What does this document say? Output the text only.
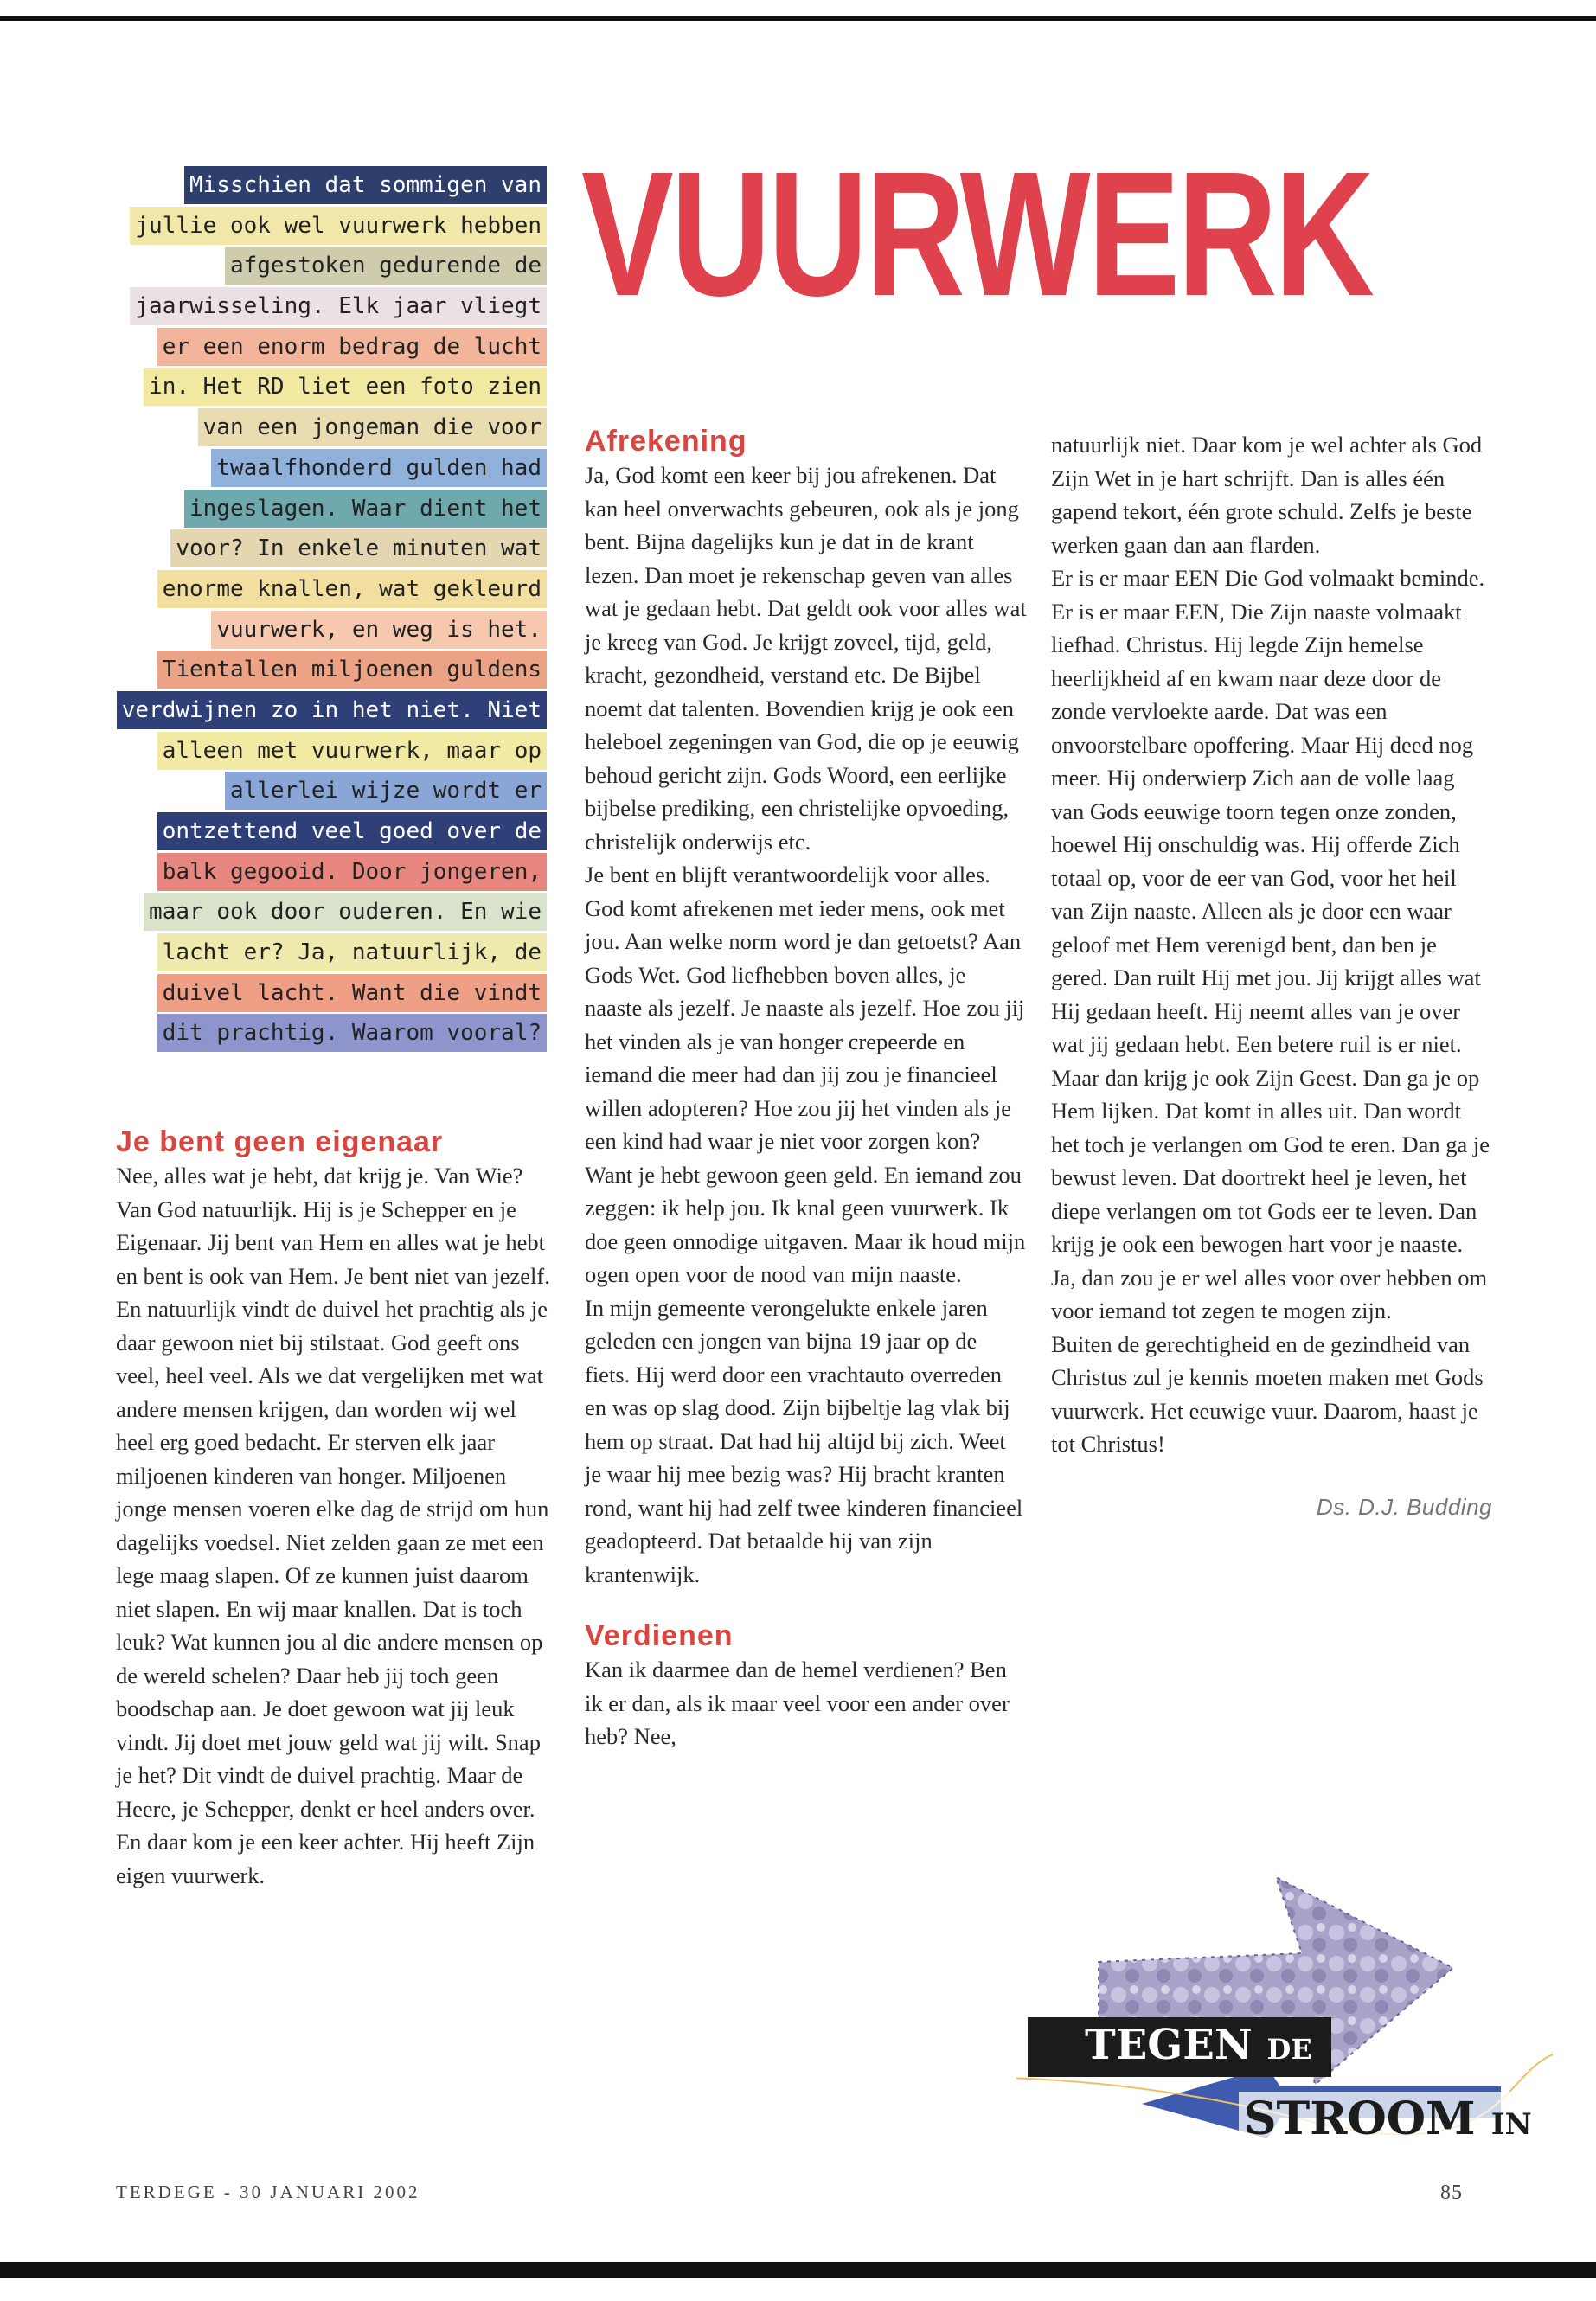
Misschien dat sommigen van
jullie ook wel vuurwerk hebben
afgestoken gedurende de
jaarwisseling. Elk jaar vliegt
er een enorm bedrag de lucht
in. Het RD liet een foto zien
van een jongeman die voor
twaalfhonderd gulden had
ingeslagen. Waar dient het
voor? In enkele minuten wat
enorme knallen, wat gekleurd
vuurwerk, en weg is het.
Tientallen miljoenen guldens
verdwijnen zo in het niet. Niet
alleen met vuurwerk, maar op
allerlei wijze wordt er
ontzettend veel goed over de
balk gegooid. Door jongeren,
maar ook door ouderen. En wie
lacht er? Ja, natuurlijk, de
duivel lacht. Want die vindt
dit prachtig. Waarom vooral?
VUURWERK
Je bent geen eigenaar

Nee, alles wat je hebt, dat krijg je. Van Wie? Van God natuurlijk. Hij is je Schepper en je Eigenaar. Jij bent van Hem en alles wat je hebt en bent is ook van Hem. Je bent niet van jezelf. En natuurlijk vindt de duivel het prachtig als je daar gewoon niet bij stilstaat. God geeft ons veel, heel veel. Als we dat vergelijken met wat andere mensen krijgen, dan worden wij wel heel erg goed bedacht. Er sterven elk jaar miljoenen kinderen van honger. Miljoenen jonge mensen voeren elke dag de strijd om hun dagelijks voedsel. Niet zelden gaan ze met een lege maag slapen. Of ze kunnen juist daarom niet slapen. En wij maar knallen. Dat is toch leuk? Wat kunnen jou al die andere mensen op de wereld schelen? Daar heb jij toch geen boodschap aan. Je doet gewoon wat jij leuk vindt. Jij doet met jouw geld wat jij wilt. Snap je het? Dit vindt de duivel prachtig. Maar de Heere, je Schepper, denkt er heel anders over. En daar kom je een keer achter. Hij heeft Zijn eigen vuurwerk.

Afrekening

Ja, God komt een keer bij jou afrekenen. Dat kan heel onverwachts gebeuren, ook als je jong bent. Bijna dagelijks kun je dat in de krant lezen. Dan moet je rekenschap geven van alles wat je gedaan hebt. Dat geldt ook voor alles wat je kreeg van God. Je krijgt zoveel, tijd, geld, kracht, gezondheid, verstand etc. De Bijbel noemt dat talenten. Bovendien krijg je ook een heleboel zegeningen van God, die op je eeuwig behoud gericht zijn. Gods Woord, een eerlijke bijbelse prediking, een christelijke opvoeding, christelijk onderwijs etc.

Je bent en blijft verantwoordelijk voor alles. God komt afrekenen met ieder mens, ook met jou. Aan welke norm word je dan getoetst? Aan Gods Wet. God liefhebben boven alles, je naaste als jezelf. Je naaste als jezelf. Hoe zou jij het vinden als je van honger crepeerde en iemand die meer had dan jij zou je financieel willen adopteren? Hoe zou jij het vinden als je een kind had waar je niet voor zorgen kon? Want je hebt gewoon geen geld. En iemand zou zeggen: ik help jou. Ik knal geen vuurwerk. Ik doe geen onnodige uitgaven. Maar ik houd mijn ogen open voor de nood van mijn naaste.

In mijn gemeente verongelukte enkele jaren geleden een jongen van bijna 19 jaar op de fiets. Hij werd door een vrachtauto overreden en was op slag dood. Zijn bijbeltje lag vlak bij hem op straat. Dat had hij altijd bij zich. Weet je waar hij mee bezig was? Hij bracht kranten rond, want hij had zelf twee kinderen financieel geadopteerd. Dat betaalde hij van zijn krantenwijk.

Verdienen

Kan ik daarmee dan de hemel verdienen? Ben ik er dan, als ik maar veel voor een ander over heb? Nee,

natuurlijk niet. Daar kom je wel achter als God Zijn Wet in je hart schrijft. Dan is alles één gapend tekort, één grote schuld. Zelfs je beste werken gaan dan aan flarden.

Er is er maar EEN Die God volmaakt beminde. Er is er maar EEN, Die Zijn naaste volmaakt liefhad. Christus. Hij legde Zijn hemelse heerlijkheid af en kwam naar deze door de zonde vervloekte aarde. Dat was een onvoorstelbare opoffering. Maar Hij deed nog meer. Hij onderwierp Zich aan de volle laag van Gods eeuwige toorn tegen onze zonden, hoewel Hij onschuldig was. Hij offerde Zich totaal op, voor de eer van God, voor het heil van Zijn naaste. Alleen als je door een waar geloof met Hem verenigd bent, dan ben je gered. Dan ruilt Hij met jou. Jij krijgt alles wat Hij gedaan heeft. Hij neemt alles van je over wat jij gedaan hebt. Een betere ruil is er niet. Maar dan krijg je ook Zijn Geest. Dan ga je op Hem lijken. Dat komt in alles uit. Dan wordt het toch je verlangen om God te eren. Dan ga je bewust leven. Dat doortrekt heel je leven, het diepe verlangen om tot Gods eer te leven. Dan krijg je ook een bewogen hart voor je naaste. Ja, dan zou je er wel alles voor over hebben om voor iemand tot zegen te mogen zijn.

Buiten de gerechtigheid en de gezindheid van Christus zul je kennis moeten maken met Gods vuurwerk. Het eeuwige vuur. Daarom, haast je tot Christus!

Ds. D.J. Budding

TEGEN DE
STROOM IN
TERDEGE - 30 JANUARI 2002	85
